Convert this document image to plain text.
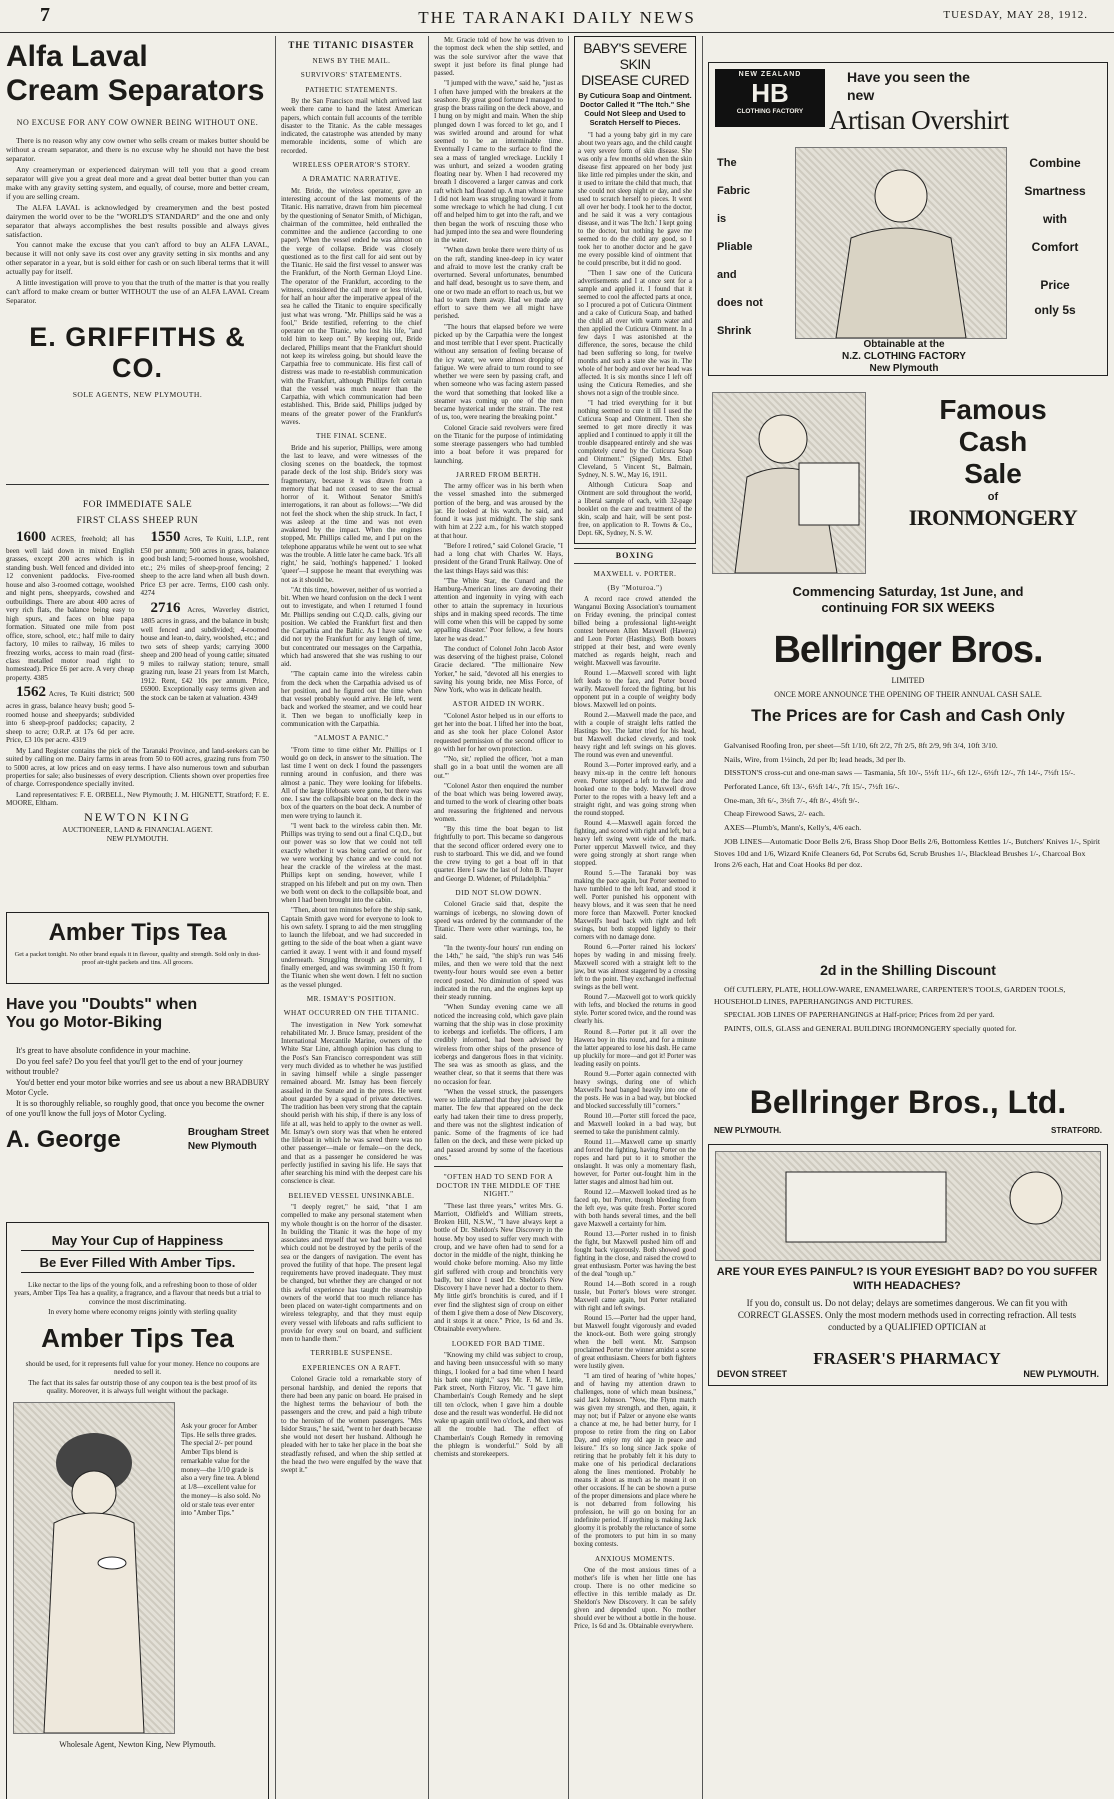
7	THE TARANAKI DAILY NEWS	TUESDAY, MAY 28, 1912.
Alfa Laval
Cream Separators
NO EXCUSE FOR ANY COW OWNER BEING WITHOUT ONE.

There is no reason why any cow owner who sells cream or makes butter should be without a cream separator, and there is no excuse why he should not have the best separator.

Any creameryman or experienced dairyman will tell you that a good cream separator will give you a great deal more and a great deal better butter than you can make with any gravity setting system, and equally, of course, more and better cream, if you are selling cream.

The ALFA LAVAL is acknowledged by creamerymen and the best posted dairymen the world over to be the "WORLD'S STANDARD" and the one and only separator that always accomplishes the best results possible and always gives satisfaction.

You cannot make the excuse that you can't afford to buy an ALFA LAVAL, because it will not only save its cost over any gravity setting in six months and any other separator in a year, but is sold either for cash or on such liberal terms that it will actually pay for itself.

A little investigation will prove to you that the truth of the matter is that you really can't afford to make cream or butter WITHOUT the use of an ALFA LAVAL Cream Separator.

E. GRIFFITHS & CO.
SOLE AGENTS, NEW PLYMOUTH.
FOR IMMEDIATE SALE
FIRST CLASS SHEEP RUN

1600 ACRES, freehold; all has been well laid down in mixed English grasses, except 200 acres which is in standing bush. Well fenced and divided into 12 convenient paddocks. Five-roomed house and also 3-roomed cottage, woolshed and night pens, sheepyards, cowshed and outbuildings. There are about 400 acres of very rich flats, the balance being easy to high spurs, and faces on blue papa formation. Situated one mile from post office, store, school, etc.; half mile to dairy factory, 10 miles to railway, 16 miles to freezing works, access to main road (first-class metalled motor road right to homestead). Price £6 per acre. A very cheap property. 4385

1562 Acres, Te Kuiti district; 500 acres in grass, balance heavy bush; good 5-roomed house and sheepyards; subdivided into 6 sheep-proof paddocks; capacity, 2 sheep to acre; O.R.P. at 17s 6d per acre. Price, £3 10s per acre. 4319

1550 Acres, Te Kuiti, L.I.P., rent £50 per annum; 500 acres in grass, balance good bush land; 5-roomed house, woolshed, etc.; 2½ miles of sheep-proof fencing; 2 sheep to the acre land when all bush down. Price £3 per acre. Terms, £100 cash only. 4274

2716 Acres, Waverley district, 1805 acres in grass, and the balance in bush; well fenced and subdivided; 4-roomed house and lean-to, dairy, woolshed, etc.; and two sets of sheep yards; carrying 3000 sheep and 200 head of young cattle; situated 9 miles to railway station; tenure, small grazing run, lease 21 years from 1st March, 1912. Rent, £42 10s per annum. Price, £6900. Exceptionally easy terms given and the stock can be taken at valuation. 4349

My Land Register contains the pick of the Taranaki Province, and land-seekers can be suited by calling on me. Dairy farms in areas from 50 to 600 acres, grazing runs from 750 to 5000 acres, at low prices and on easy terms. I have also numerous town and suburban properties for sale; also businesses of every description. Clients shown over properties free of charge. Correspondence specially invited.

Land representatives: F. E. ORBELL, New Plymouth; J. M. HIGNETT, Stratford; F. E. MOORE, Eltham.

NEWTON KING
AUCTIONEER, LAND & FINANCIAL AGENT.
NEW PLYMOUTH.
Amber Tips Tea
Get a packet tonight. No other brand equals it in flavour, quality and strength. Sold only in dust-proof air-tight packets and tins. All grocers.
Have you "Doubts" when
You go Motor-Biking

It's great to have absolute confidence in your machine.

Do you feel safe? Do you feel that you'll get to the end of your journey without trouble?

You'd better end your motor bike worries and see us about a new BRADBURY Motor Cycle.

It is so thoroughly reliable, so roughly good, that once you become the owner of one you'll know the full joys of Motor Cycling.

A. George	Brougham Street
New Plymouth
May Your Cup of Happiness
Be Ever Filled With Amber Tips.

Like nectar to the lips of the young folk, and a refreshing boon to those of older years, Amber Tips Tea has a quality, a fragrance, and a flavour that needs but a trial to convince the most discriminating.

In every home where economy reigns jointly with sterling quality

Amber Tips Tea

should be used, for it represents full value for your money. Hence no coupons are needed to sell it.

The fact that its sales far outstrip those of any coupon tea is the best proof of its quality. Moreover, it is always full weight without the package.

Ask your grocer for Amber Tips. He sells three grades. The special 2/- per pound Amber Tips blend is remarkable value for the money—the 1/10 grade is also a very fine tea. A blend at 1/8—excellent value for the money—is also sold. No old or stale teas ever enter into "Amber Tips."
Wholesale Agent, Newton King, New Plymouth.
THE TITANIC DISASTER
NEWS BY THE MAIL.
SURVIVORS' STATEMENTS.
PATHETIC STATEMENTS.

By the San Francisco mail which arrived last week there came to hand the latest American papers, which contain full accounts of the terrible disaster to the Titanic. As the cable messages indicated, the catastrophe was attended by many memorable incidents, some of which are recorded.

WIRELESS OPERATOR'S STORY.
A DRAMATIC NARRATIVE.

Mr. Bride, the wireless operator, gave an interesting account of the last moments of the Titanic. His narrative, drawn from him piecemeal by the questioning of Senator Smith, of Michigan, chairman of the committee, held enthralled the committee and the audience (according to one paper). When the vessel ended he was almost on the verge of collapse. Bride was closely questioned as to the first call for aid sent out by the Titanic. He said the first vessel to answer was the Frankfurt, of the North German Lloyd Line. The operator of the Frankfurt, according to the witness, considered the call more or less trivial, for half an hour after the imperative appeal of the sea he called the Titanic to enquire specifically just what was wrong. "Mr. Phillips said he was a fool," Bride testified, referring to the chief operator on the Titanic, who lost his life, "and told him to keep out." By keeping out, Bride declared, Phillips meant that the Frankfurt should not keep its wireless going, but should leave the Carpathia free to communicate. His first call of distress was made to re-establish communication with the Frankfurt, although Phillips felt certain that the vessel was much nearer than the Carpathia, with which communication had been established. This, Bride said, Phillips judged by means of the greater power of the Frankfurt's waves.

THE FINAL SCENE.

Bride and his superior, Phillips, were among the last to leave, and were witnesses of the closing scenes on the boatdeck, the topmost parade deck of the lost ship. Bride's story was fragmentary, because it was drawn from a memory that had not ceased to see the actual horror of it. Without Senator Smith's interrogations, it ran about as follows:—"We did not feel the shock when the ship struck. In fact, I was asleep at the time and was not even awakened by the impact. When the engines stopped, Mr. Phillips called me, and I put on the telephone apparatus while he went out to see what was the trouble. A little later he came back. 'It's all right,' he said, 'nothing's happened.' I looked 'queer'—I suppose he meant that everything was not as it should be.

"At this time, however, neither of us worried a bit. When we heard confusion on the deck I went out to investigate, and when I returned I found Mr. Phillips sending out C.Q.D. calls, giving our position. We cabled the Frankfurt first and then the Carpathia and the Baltic. As I have said, we did not try the Frankfurt for any length of time, but concentrated our messages on the Carpathia, which had answered that she was rushing to our aid.

"The captain came into the wireless cabin from the deck when the Carpathia advised us of her position, and he figured out the time when that vessel probably would arrive. He left, went back and worked the steamer, and we could hear it. Then we began to unofficially keep in communication with the Carpathia.

"ALMOST A PANIC."

"From time to time either Mr. Phillips or I would go on deck, in answer to the situation. The last time I went on deck I found the passengers running around in confusion, and there was almost a panic. They were looking for lifebelts. All of the large lifeboats were gone, but there was one. I saw the collapsible boat on the deck in the box of the quarters on the boat deck. A number of men were trying to launch it.

"I went back to the wireless cabin then. Mr. Phillips was trying to send out a final C.Q.D., but our power was so low that we could not tell exactly whether it was being carried or not, for we were working by chance and we could not hear the crackle of the wireless at the mast. Phillips kept on sending, however, while I strapped on his lifebelt and put on my own. Then we both went on deck to the collapsible boat, and when I had been brought into the cabin.

"Then, about ten minutes before the ship sank, Captain Smith gave word for everyone to look to his own safety. I sprang to aid the men struggling to launch the lifeboat, and we had succeeded in getting to the side of the boat when a giant wave carried it away. I went with it and found myself underneath. Struggling through an eternity, I finally emerged, and was swimming 150 ft from the Titanic when she went down. I felt no suction as the vessel plunged.

MR. ISMAY'S POSITION.
WHAT OCCURRED ON THE TITANIC.

The investigation in New York somewhat rehabilitated Mr. J. Bruce Ismay, president of the International Mercantile Marine, owners of the White Star Line, although opinion has clung to the Post's San Francisco correspondent was still very much divided as to whether he was justified in saving himself while a single passenger remained aboard. Mr. Ismay has been fiercely assailed in the Senate and in the press. He went about guarded by a squad of private detectives. The tradition has been very strong that the captain should perish with his ship, if there is any loss of life at all, was held to apply to the owner as well. Mr. Ismay's own story was that when he entered the lifeboat in which he was saved there was no other passenger—male or female—on the deck, and that as a passenger he considered he was perfectly justified in saving his life. He says that after searching his mind with the deepest care his conscience is clear.

BELIEVED VESSEL UNSINKABLE.

"I deeply regret," he said, "that I am compelled to make any personal statement when my whole thought is on the horror of the disaster. In building the Titanic it was the hope of my associates and myself that we had built a vessel which could not be destroyed by the perils of the sea or the dangers of navigation. The event has proved the futility of that hope. The present legal requirements have proved inadequate. They must be changed, but whether they are changed or not this awful experience has taught the steamship owners of the world that too much reliance has been placed on water-tight compartments and on wireless telegraphy, and that they must equip every vessel with lifeboats and rafts sufficient to provide for every soul on board, and sufficient men to handle them."

TERRIBLE SUSPENSE.
EXPERIENCES ON A RAFT.

Colonel Gracie told a remarkable story of personal hardship, and denied the reports that there had been any panic on board. He praised in the highest terms the behaviour of both the passengers and the crew, and paid a high tribute to the heroism of the women passengers. "Mrs Isidor Straus," he said, "went to her death because she would not desert her husband. Although he pleaded with her to take her place in the boat she steadfastly refused, and when the ship settled at the head the two were engulfed by the wave that swept it."

Mr. Gracie told of how he was driven to the topmost deck when the ship settled, and was the sole survivor after the wave that swept it just before its final plunge had passed.

"I jumped with the wave," said he, "just as I often have jumped with the breakers at the seashore. By great good fortune I managed to grasp the brass railing on the deck above, and I hung on by might and main. When the ship plunged down I was forced to let go, and I was swirled around and around for what seemed to be an interminable time. Eventually I came to the surface to find the sea a mass of tangled wreckage. Luckily I was unhurt, and seized a wooden grating floating near by. When I had recovered my breath I discovered a larger canvas and cork raft which had floated up. A man whose name I did not learn was struggling toward it from some wreckage to which he had clung. I cut off and helped him to get into the raft, and we then began the work of rescuing those who had jumped into the sea and were floundering in the water.

"When dawn broke there were thirty of us on the raft, standing knee-deep in icy water and afraid to move lest the cranky craft be overturned. Several unfortunates, benumbed and half dead, besought us to save them, and one or two made an effort to reach us, but we had to warn them away. Had we made any effort to save them we all might have perished.

"The hours that elapsed before we were picked up by the Carpathia were the longest and most terrible that I ever spent. Practically without any sensation of feeling because of the icy water, we were almost dropping of fatigue. We were afraid to turn round to see whether we were seen by passing craft, and when someone who was facing astern passed the word that something that looked like a steamer was coming up one of the men became hysterical under the strain. The rest of us, too, were nearing the breaking point."

Colonel Gracie said revolvers were fired on the Titanic for the purpose of intimidating some steerage passengers who had tumbled into a boat before it was prepared for launching.

JARRED FROM BERTH.

The army officer was in his berth when the vessel smashed into the submerged portion of the berg, and was aroused by the jar. He looked at his watch, he said, and found it was just midnight. The ship sank with him at 2.22 a.m., for his watch stopped at that hour.

"Before I retired," said Colonel Gracie, "I had a long chat with Charles W. Hays, president of the Grand Trunk Railway. One of the last things Hays said was this:

"The White Star, the Cunard and the Hamburg-American lines are devoting their attention and ingenuity in vying with each other to attain the supremacy in luxurious ships and in making speed records. The time will come when this will be capped by some appalling disaster.' Poor fellow, a few hours later he was dead."

The conduct of Colonel John Jacob Astor was deserving of the highest praise, Colonel Gracie declared. "The millionaire New Yorker," he said, "devoted all his energies to saving his young bride, nee Miss Force, of New York, who was in delicate health.

ASTOR AIDED IN WORK.

"Colonel Astor helped us in our efforts to get her into the boat. I lifted her into the boat, and as she took her place Colonel Astor requested permission of the second officer to go with her for her own protection.

"'No, sir,' replied the officer, 'not a man shall go in a boat until the women are all out.'"

"Colonel Astor then enquired the number of the boat which was being lowered away, and turned to the work of clearing other boats and reassuring the frightened and nervous women.

"By this time the boat began to list frightfully to port. This became so dangerous that the second officer ordered every one to rush to starboard. This we did, and we found the crew trying to get a boat off in that quarter. Here I saw the last of John B. Thayer and George D. Widener, of Philadelphia."

DID NOT SLOW DOWN.

Colonel Gracie said that, despite the warnings of icebergs, no slowing down of speed was ordered by the commander of the Titanic. There were other warnings, too, he said.

"In the twenty-four hours' run ending on the 14th," he said, "the ship's run was 546 miles, and then we were told that the next twenty-four hours would see even a better record posted. No diminution of speed was indicated in the run, and the engines kept up their steady running.

"When Sunday evening came we all noticed the increasing cold, which gave plain warning that the ship was in close proximity to icebergs and icefields. The officers, I am credibly informed, had been advised by wireless from other ships of the presence of icebergs and dangerous floes in that vicinity. The sea was as smooth as glass, and the weather clear, so that it seems that there was no occasion for fear.

"When the vessel struck, the passengers were so little alarmed that they joked over the matter. The few that appeared on the deck early had taken their time to dress properly, and there was not the slightest indication of panic. Some of the fragments of ice had fallen on the deck, and these were picked up and passed around by some of the facetious ones."

"OFTEN HAD TO SEND FOR A DOCTOR IN THE MIDDLE OF THE NIGHT."

"These last three years," writes Mrs. G. Marriott, Oldfield's and William streets, Broken Hill, N.S.W., "I have always kept a bottle of Dr. Sheldon's New Discovery in the house. My boy used to suffer very much with croup, and we have often had to send for a doctor in the middle of the night, thinking he would choke before morning. Also my little girl suffered with croup and bronchitis very badly, but since I used Dr. Sheldon's New Discovery I have never had a doctor to them. My little girl's bronchitis is cured, and if I ever find the slightest sign of croup on either of them I give them a dose of New Discovery, and it stops it at once." Price, 1s 6d and 3s. Obtainable everywhere.

LOOKED FOR BAD TIME.

"Knowing my child was subject to croup, and having been unsuccessful with so many things, I looked for a bad time when I heard his bark one night," says Mr. F. M. Little, Park street, North Fitzroy, Vic. "I gave him Chamberlain's Cough Remedy and he slept till ten o'clock, when I gave him a double dose and the result was wonderful. He did not wake up again until two o'clock, and then was all the trouble had. The effect of Chamberlain's Cough Remedy in removing the phlegm is wonderful." Sold by all chemists and storekeepers.

BABY'S SEVERE SKIN
DISEASE CURED
By Cuticura Soap and Ointment. Doctor Called It "The Itch." She Could Not Sleep and Used to Scratch Herself to Pieces.

"I had a young baby girl in my care about two years ago, and the child caught a very severe form of skin disease. She was only a few months old when the skin disease first appeared on her body just like little red pimples under the skin, and it used to irritate the child that much, that she could not sleep night or day, and she used to scratch herself to pieces. It went all over her body. I took her to the doctor, and he said it was a very contagious disease, and it was 'The Itch.' I kept going to the doctor, but nothing he gave me seemed to do the child any good, so I took her to another doctor and he gave me every possible kind of ointment that he could prescribe, but it did no good.

"Then I saw one of the Cuticura advertisements and I at once sent for a sample and applied it. I found that it seemed to cool the affected parts at once, so I procured a pot of Cuticura Ointment and a cake of Cuticura Soap, and bathed the child all over with warm water and then applied the Cuticura Ointment. In a few days I was astonished at the difference, the sores, because the child had been suffering so long, for twelve months and such a state she was in. The whole of her body and over her head was affected. It is six months since I left off using the Cuticura Remedies, and she shows not a sign of the trouble since.

"I had tried everything for it but nothing seemed to cure it till I used the Cuticura Soap and Ointment. Then she seemed to get more directly it was applied and I continued to apply it till the trouble disappeared entirely and she was completely cured by the Cuticura Soap and Ointment." (Signed) Mrs. Ethel Cleveland, 5 Vincent St., Balmain, Sydney, N. S. W., May 16, 1911.

Although Cuticura Soap and Ointment are sold throughout the world, a liberal sample of each, with 32-page booklet on the care and treatment of the skin, scalp and hair, will be sent post-free, on application to R. Towns & Co., Dept. 6K, Sydney, N. S. W.

BOXING
MAXWELL v. PORTER.
(By "Moturoa.")

A record race crowd attended the Wanganui Boxing Association's tournament on Friday evening, the principal contest billed being a professional light-weight contest between Allen Maxwell (Hawera) and Leon Porter (Hastings). Both boxers stripped at their best, and were evenly matched as regards height, reach and weight. Maxwell was favourite.

Round 1.—Maxwell scored with light left leads to the face, and Porter boxed warily. Maxwell forced the fighting, but his opponent put in a couple of weighty body blows. Maxwell led on points.

Round 2.—Maxwell made the pace, and with a couple of straight lefts rattled the Hastings boy. The latter tried for his head, but Maxwell ducked cleverly, and took heavy right and left swings on his gloves. The round was even and uneventful.

Round 3.—Porter improved early, and a heavy mix-up in the centre left honours even. Porter stopped a left to the face and hooked one to the body. Maxwell drove Porter to the ropes with a heavy left and a straight right, and was going strong when the round stopped.

Round 4.—Maxwell again forced the fighting, and scored with right and left, but a heavy left swing went wide of the mark. Porter uppercut Maxwell twice, and they were going strongly at short range when stopped.

Round 5.—The Taranaki boy was making the pace again, but Porter seemed to have tumbled to the left lead, and stood it well. Porter punished his opponent with heavy blows, and it was seen that he need more force than Maxwell. Porter knocked Maxwell's head back with right and left swings, but both stopped lightly to their corners with no damage done.

Round 6.—Porter rained his lockers' hopes by wading in and missing freely. Maxwell scored with a straight left to the jaw, but was almost staggered by a crossing left to the point. They exchanged ineffectual swings as the bell went.

Round 7.—Maxwell got to work quickly with lefts, and blocked the returns in good style. Porter scored twice, and the round was clearly his.

Round 8.—Porter put it all over the Hawera boy in this round, and for a minute the latter appeared to lose his dash. He came up pluckily for more—and got it! Porter was leading easily on points.

Round 9.—Porter again connected with heavy swings, during one of which Maxwell's head banged heavily into one of the posts. He was in a bad way, but blocked and blocked successfully till "corners."

Round 10.—Porter still forced the pace, and Maxwell looked in a bad way, but seemed to take the punishment calmly.

Round 11.—Maxwell came up smartly and forced the fighting, having Porter on the ropes and hard put to it to smother the onslaught. It was only a momentary flash, however, for Porter out-fought him in the latter stages and almost had him out.

Round 12.—Maxwell looked tired as he faced up, but Porter, though bleeding from the left eye, was quite fresh. Porter scored with both hands several times, and the bell gave Maxwell a certainty for him.

Round 13.—Porter rushed in to finish the fight, but Maxwell pushed him off and fought back vigorously. Both showed good fighting in the close, and raised the crowd to great enthusiasm. Porter was having the best of the deal "tough up."

Round 14.—Both scored in a rough tussle, but Porter's blows were stronger. Maxwell came again, but Porter retaliated with right and left swings.

Round 15.—Porter had the upper hand, but Maxwell fought vigorously and evaded the knock-out. Both were going strongly when the bell went. Mr. Sampson proclaimed Porter the winner amidst a scene of great enthusiasm. Cheers for both fighters were lustily given.

"I am tired of hearing of 'white hopes,' and of having my attention drawn to challenges, none of which mean business," said Jack Johnson. "Now, the Flynn match was given my strength, and then, again, it may not; but if Palzer or anyone else wants a chance at me, he had better hurry, for I propose to retire from the ring on Labor Day, and enjoy my old age in peace and leisure." It's so long since Jack spoke of retiring that he probably felt it his duty to make one of his periodical declarations along the lines mentioned. Probably he means it about as much as he meant it on other occasions. If he can be shown a purse of the proper dimensions and place where he is not debarred from following his profession, he will go on boxing for an indefinite period. If anything is making Jack gloomy it is probably the reluctance of some of the promoters to put him in so many boxing contests.

ANXIOUS MOMENTS.

One of the most anxious times of a mother's life is when her little one has croup. There is no other medicine so effective in this terrible malady as Dr. Sheldon's New Discovery. It can be safely given and depended upon. No mother should ever be without a bottle in the house. Price, 1s 6d and 3s. Obtainable everywhere.

NEW ZEALAND
HB
CLOTHING FACTORY
Have you seen the
new
Artisan Overshirt
The
Fabric
is
Pliable
and
does not
Shrink
Combine
Smartness
with
Comfort
Price
only 5s
Obtainable at the
N.Z. CLOTHING FACTORY
New Plymouth
Famous
Cash
Sale
of
IRONMONGERY
Commencing Saturday, 1st June, and
continuing FOR SIX WEEKS
Bellringer Bros.
LIMITED
ONCE MORE ANNOUNCE THE OPENING OF THEIR ANNUAL CASH SALE.
The Prices are for Cash and Cash Only

Galvanised Roofing Iron, per sheet—5ft 1/10, 6ft 2/2, 7ft 2/5, 8ft 2/9, 9ft 3/4, 10ft 3/10.

Nails, Wire, from 1½inch, 2d per lb; lead heads, 3d per lb.

DISSTON'S cross-cut and one-man saws — Tasmania, 5ft 10/-, 5½ft 11/-, 6ft 12/-, 6½ft 12/-, 7ft 14/-, 7½ft 15/-.

Perforated Lance, 6ft 13/-, 6½ft 14/-, 7ft 15/-, 7½ft 16/-.

One-man, 3ft 6/-, 3½ft 7/-, 4ft 8/-, 4½ft 9/-.

Cheap Firewood Saws, 2/- each.

AXES—Plumb's, Mann's, Kelly's, 4/6 each.

JOB LINES—Automatic Door Bells 2/6, Brass Shop Door Bells 2/6, Bottomless Kettles 1/-, Butchers' Knives 1/-, Spirit Stoves 10d and 1/6, Wizard Knife Cleaners 6d, Pot Scrubs 6d, Scrub Brushes 1/-, Blacklead Brushes 1/-, Charcoal Box Irons 2/6 each, Hat and Coat Hooks 8d per doz.

2d in the Shilling Discount

Off CUTLERY, PLATE, HOLLOW-WARE, ENAMELWARE, CARPENTER'S TOOLS, GARDEN TOOLS, HOUSEHOLD LINES, PAPERHANGINGS AND PICTURES.

SPECIAL JOB LINES OF PAPERHANGINGS at Half-price; Prices from 2d per yard.

PAINTS, OILS, GLASS and GENERAL BUILDING IRONMONGERY specially quoted for.

Bellringer Bros., Ltd.
NEW PLYMOUTH.	STRATFORD.
ARE YOUR EYES PAINFUL? IS YOUR EYESIGHT BAD? DO YOU SUFFER WITH HEADACHES?
If you do, consult us. Do not delay; delays are sometimes dangerous. We can fit you with CORRECT GLASSES. Only the most modern methods used in correcting refraction. All tests conducted by a QUALIFIED OPTICIAN at
FRASER'S PHARMACY
DEVON STREET	NEW PLYMOUTH.
